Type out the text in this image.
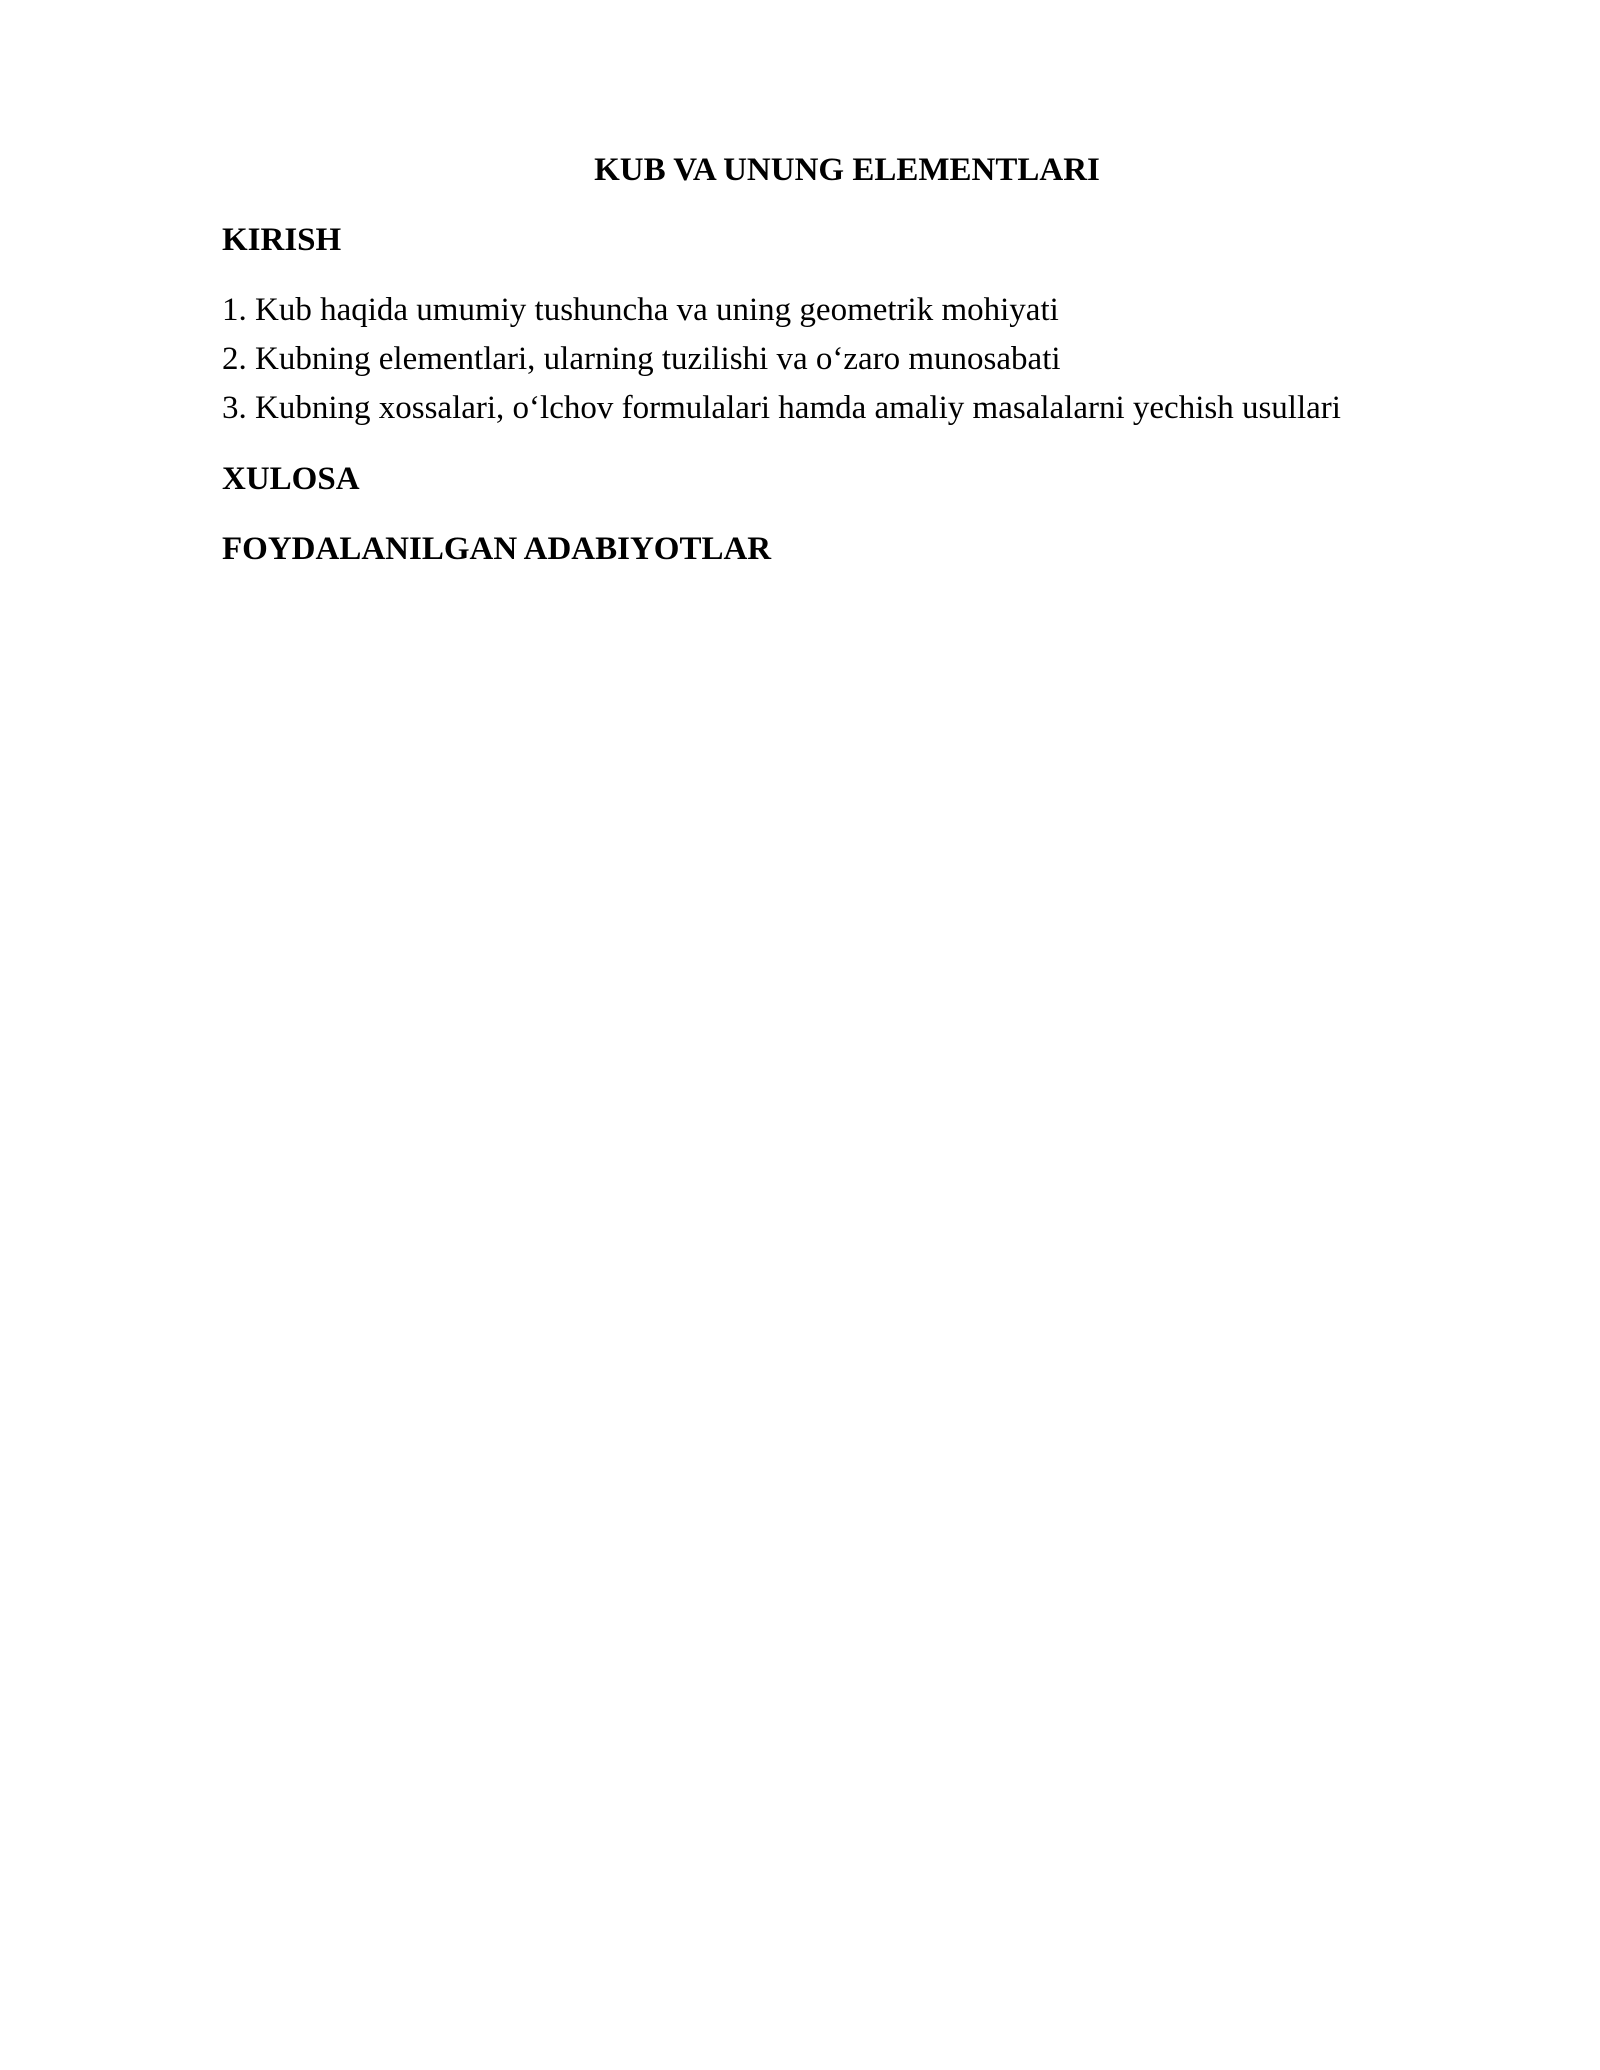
KUB VA UNUNG ELEMENTLARI
KIRISH
1. Kub haqida umumiy tushuncha va uning geometrik mohiyati
2. Kubning elementlari, ularning tuzilishi va o‘zaro munosabati
3. Kubning xossalari, o‘lchov formulalari hamda amaliy masalalarni yechish usullari
XULOSA
FOYDALANILGAN ADABIYOTLAR
